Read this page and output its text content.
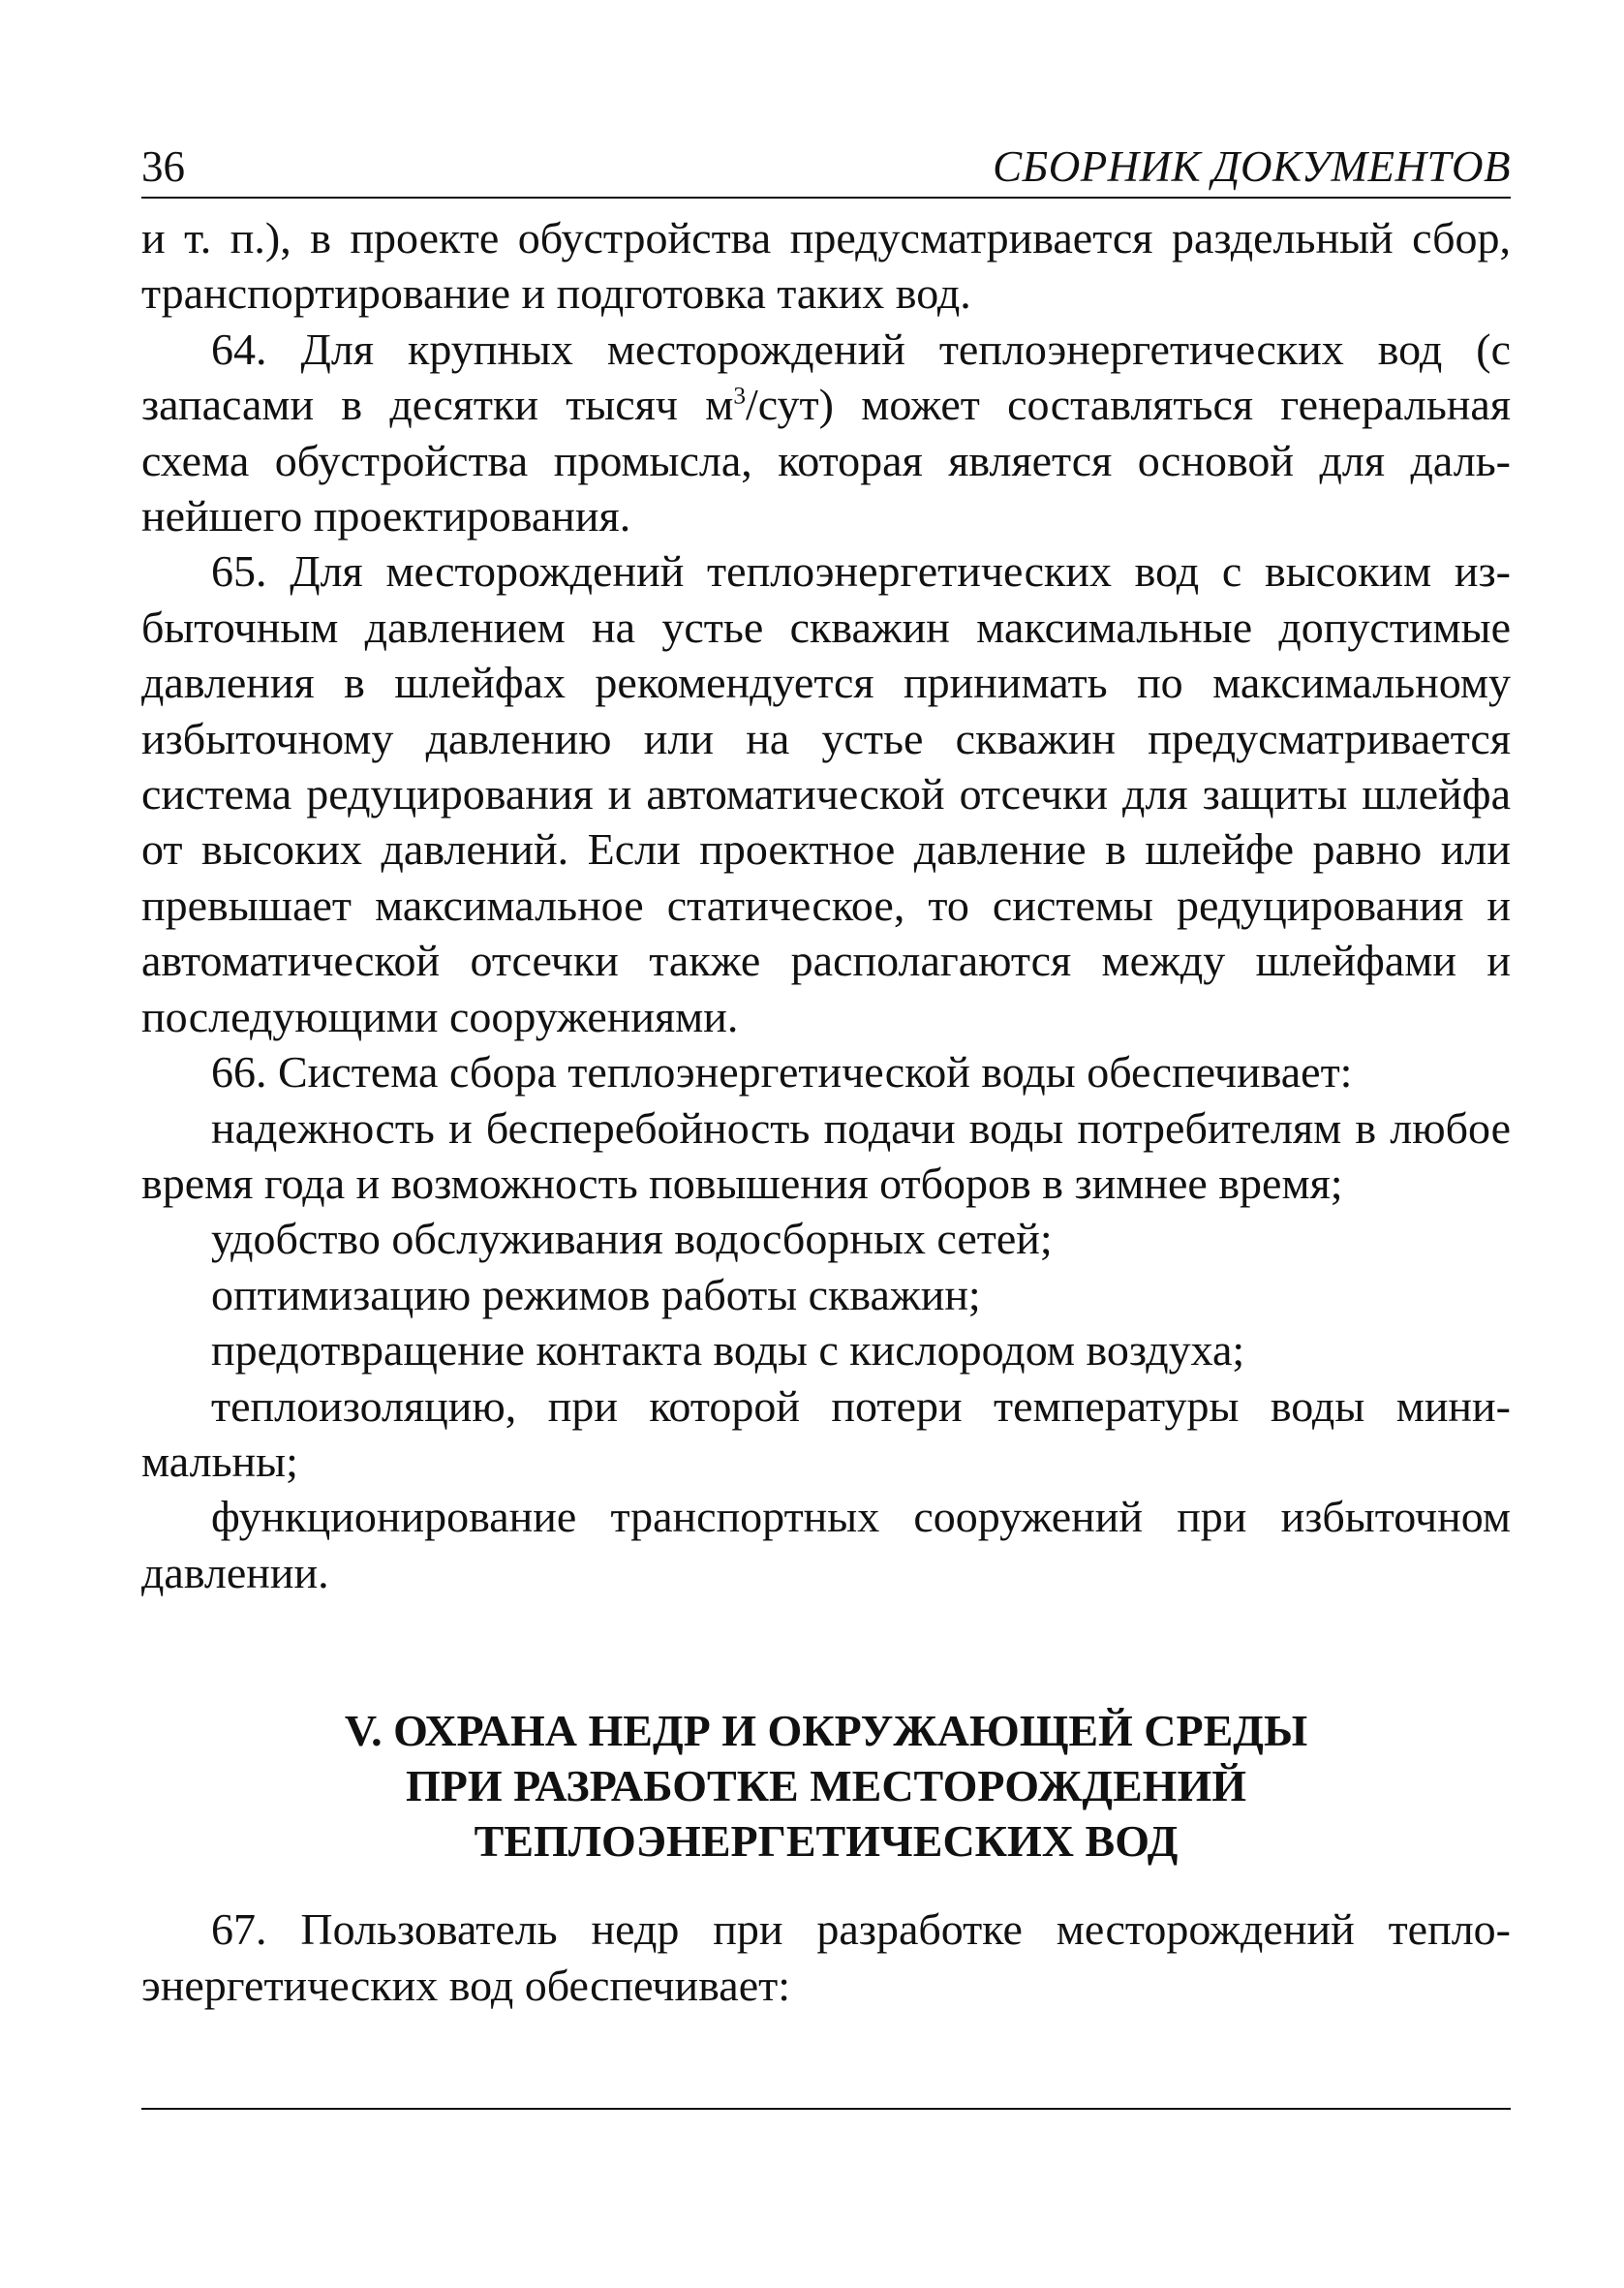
36	СБОРНИК ДОКУМЕНТОВ

и т. п.), в проекте обустройства предусматривается раздельный сбор, транспортирование и подготовка таких вод.

64. Для крупных месторождений теплоэнергетических вод (с запасами в десятки тысяч $м^3/сут$) может составляться генеральная схема обустройства промысла, которая является основой для дальнейшего проектирования.

65. Для месторождений теплоэнергетических вод с высоким избыточным давлением на устье скважин максимальные допустимые давления в шлейфах рекомендуется принимать по максимальному избыточному давлению или на устье скважин предусматривается система редуцирования и автоматической отсечки для защиты шлейфа от высоких давлений. Если проектное давление в шлейфе равно или превышает максимальное статическое, то системы редуцирования и автоматической отсечки также располагаются между шлейфами и последующими сооружениями.

66. Система сбора теплоэнергетической воды обеспечивает:

надежность и бесперебойность подачи воды потребителям в любое время года и возможность повышения отборов в зимнее время;

удобство обслуживания водосборных сетей;

оптимизацию режимов работы скважин;

предотвращение контакта воды с кислородом воздуха;

теплоизоляцию, при которой потери температуры воды минимальны;

функционирование транспортных сооружений при избыточном давлении.

V. ОХРАНА НЕДР И ОКРУЖАЮЩЕЙ СРЕДЫ
ПРИ РАЗРАБОТКЕ МЕСТОРОЖДЕНИЙ
ТЕПЛОЭНЕРГЕТИЧЕСКИХ ВОД

67. Пользователь недр при разработке месторождений теплоэнергетических вод обеспечивает:
